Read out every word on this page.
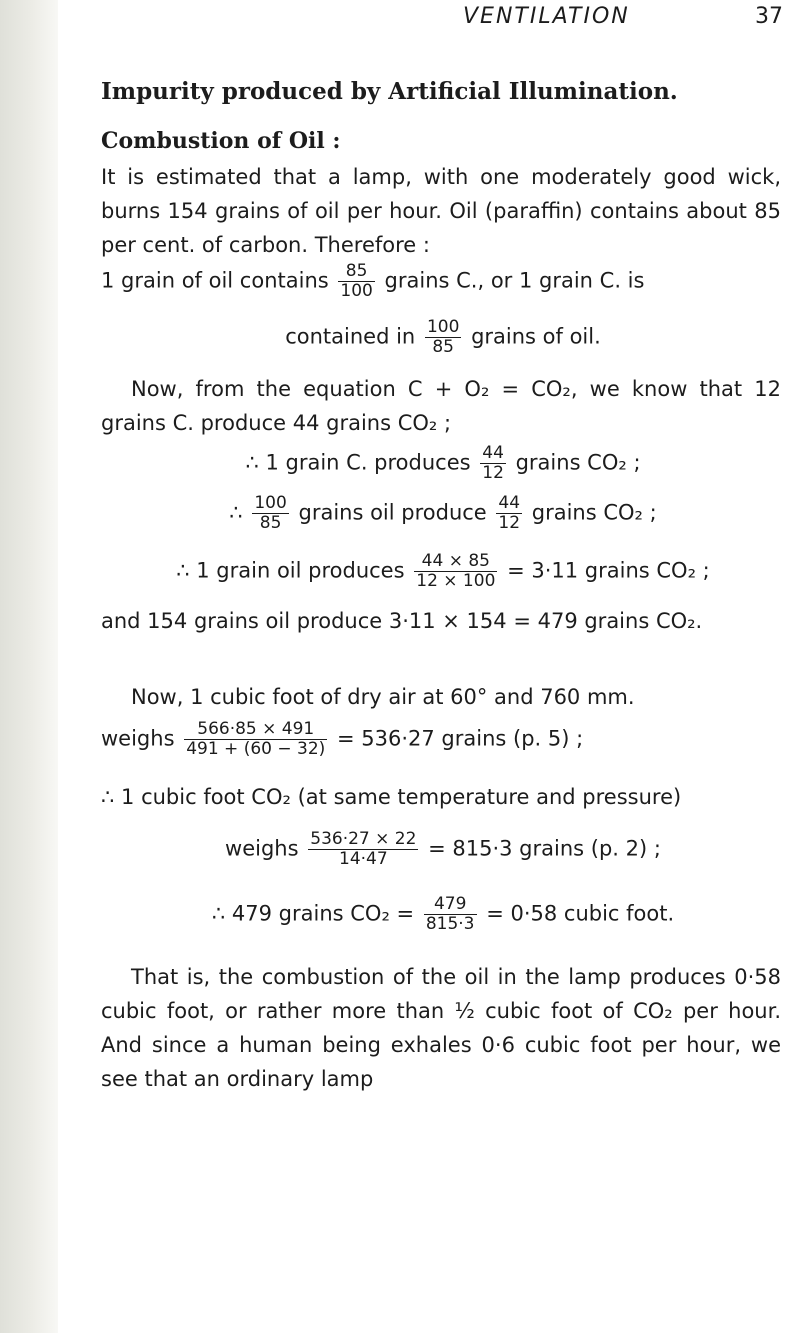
VENTILATION	37
Impurity produced by Artificial Illumination.
Combustion of Oil :
It is estimated that a lamp, with one moderately good wick, burns 154 grains of oil per hour. Oil (paraffin) contains about 85 per cent. of carbon. Therefore :
1 grain of oil contains $\frac{85}{100}$ grains C., or 1 grain C. is
contained in $\frac{100}{85}$ grains of oil.
Now, from the equation C + O₂ = CO₂, we know that 12 grains C. produce 44 grains CO₂ ;
∴ 1 grain C. produces $\frac{44}{12}$ grains CO₂ ;
∴ $\frac{100}{85}$ grains oil produce $\frac{44}{12}$ grains CO₂ ;
∴ 1 grain oil produces $\frac{44 \times 85}{12 \times 100} = 3\cdot 11$ grains CO₂ ;
and 154 grains oil produce 3·11 × 154 = 479 grains CO₂.
Now, 1 cubic foot of dry air at 60° and 760 mm.
weighs $\frac{566\cdot 85 \times 491}{491 + (60 - 32)} = 536\cdot 27$ grains (p. 5) ;
∴ 1 cubic foot CO₂ (at same temperature and pressure)
weighs $\frac{536\cdot 27 \times 22}{14\cdot 47} = 815\cdot 3$ grains (p. 2) ;
∴ 479 grains $CO_2 = \frac{479}{815\cdot 3} = 0\cdot 58$ cubic foot.
That is, the combustion of the oil in the lamp produces 0·58 cubic foot, or rather more than ½ cubic foot of CO₂ per hour. And since a human being exhales 0·6 cubic foot per hour, we see that an ordinary lamp
